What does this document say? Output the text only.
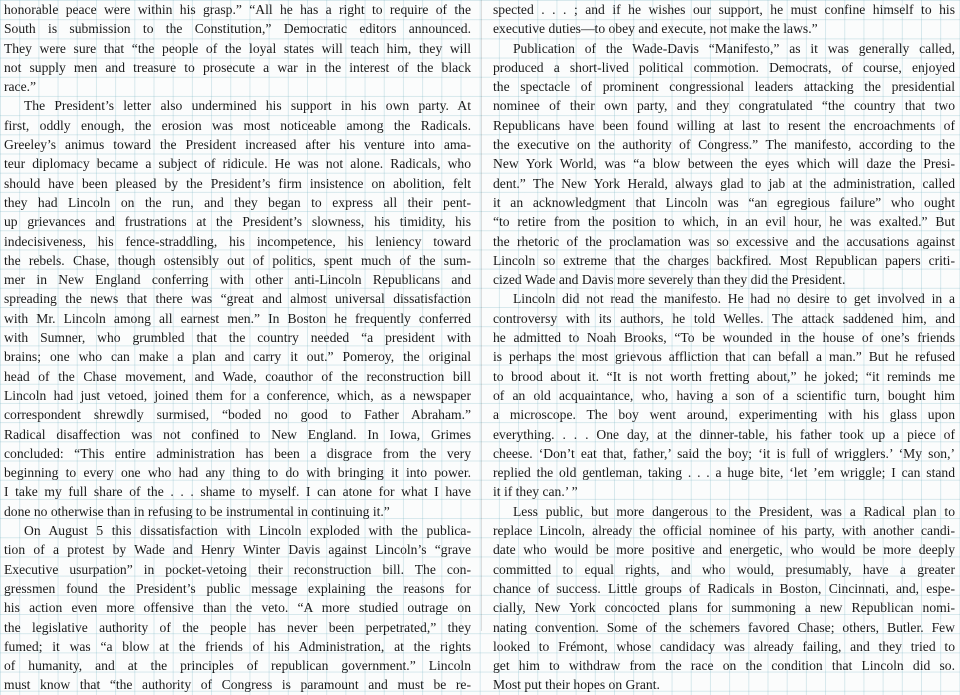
honorable peace were within his grasp.” “All he has a right to require of the
South is submission to the Constitution,” Democratic editors announced.
They were sure that “the people of the loyal states will teach him, they will
not supply men and treasure to prosecute a war in the interest of the black
race.”
The President’s letter also undermined his support in his own party. At
first, oddly enough, the erosion was most noticeable among the Radicals.
Greeley’s animus toward the President increased after his venture into ama-
teur diplomacy became a subject of ridicule. He was not alone. Radicals, who
should have been pleased by the President’s firm insistence on abolition, felt
they had Lincoln on the run, and they began to express all their pent-
up grievances and frustrations at the President’s slowness, his timidity, his
indecisiveness, his fence-straddling, his incompetence, his leniency toward
the rebels. Chase, though ostensibly out of politics, spent much of the sum-
mer in New England conferring with other anti-Lincoln Republicans and
spreading the news that there was “great and almost universal dissatisfaction
with Mr. Lincoln among all earnest men.” In Boston he frequently conferred
with Sumner, who grumbled that the country needed “a president with
brains; one who can make a plan and carry it out.” Pomeroy, the original
head of the Chase movement, and Wade, coauthor of the reconstruction bill
Lincoln had just vetoed, joined them for a conference, which, as a newspaper
correspondent shrewdly surmised, “boded no good to Father Abraham.”
Radical disaffection was not confined to New England. In Iowa, Grimes
concluded: “This entire administration has been a disgrace from the very
beginning to every one who had any thing to do with bringing it into power.
I take my full share of the . . . shame to myself. I can atone for what I have
done no otherwise than in refusing to be instrumental in continuing it.”
On August 5 this dissatisfaction with Lincoln exploded with the publica-
tion of a protest by Wade and Henry Winter Davis against Lincoln’s “grave
Executive usurpation” in pocket-vetoing their reconstruction bill. The con-
gressmen found the President’s public message explaining the reasons for
his action even more offensive than the veto. “A more studied outrage on
the legislative authority of the people has never been perpetrated,” they
fumed; it was “a blow at the friends of his Administration, at the rights
of humanity, and at the principles of republican government.” Lincoln
must know that “the authority of Congress is paramount and must be re-
spected . . . ; and if he wishes our support, he must confine himself to his
executive duties—to obey and execute, not make the laws.”
Publication of the Wade-Davis “Manifesto,” as it was generally called,
produced a short-lived political commotion. Democrats, of course, enjoyed
the spectacle of prominent congressional leaders attacking the presidential
nominee of their own party, and they congratulated “the country that two
Republicans have been found willing at last to resent the encroachments of
the executive on the authority of Congress.” The manifesto, according to the
New York World, was “a blow between the eyes which will daze the Presi-
dent.” The New York Herald, always glad to jab at the administration, called
it an acknowledgment that Lincoln was “an egregious failure” who ought
“to retire from the position to which, in an evil hour, he was exalted.” But
the rhetoric of the proclamation was so excessive and the accusations against
Lincoln so extreme that the charges backfired. Most Republican papers criti-
cized Wade and Davis more severely than they did the President.
Lincoln did not read the manifesto. He had no desire to get involved in a
controversy with its authors, he told Welles. The attack saddened him, and
he admitted to Noah Brooks, “To be wounded in the house of one’s friends
is perhaps the most grievous affliction that can befall a man.” But he refused
to brood about it. “It is not worth fretting about,” he joked; “it reminds me
of an old acquaintance, who, having a son of a scientific turn, bought him
a microscope. The boy went around, experimenting with his glass upon
everything. . . . One day, at the dinner-table, his father took up a piece of
cheese. ‘Don’t eat that, father,’ said the boy; ‘it is full of wrigglers.’ ‘My son,’
replied the old gentleman, taking . . . a huge bite, ‘let ’em wriggle; I can stand
it if they can.’ ”
Less public, but more dangerous to the President, was a Radical plan to
replace Lincoln, already the official nominee of his party, with another candi-
date who would be more positive and energetic, who would be more deeply
committed to equal rights, and who would, presumably, have a greater
chance of success. Little groups of Radicals in Boston, Cincinnati, and, espe-
cially, New York concocted plans for summoning a new Republican nomi-
nating convention. Some of the schemers favored Chase; others, Butler. Few
looked to Frémont, whose candidacy was already failing, and they tried to
get him to withdraw from the race on the condition that Lincoln did so.
Most put their hopes on Grant.
